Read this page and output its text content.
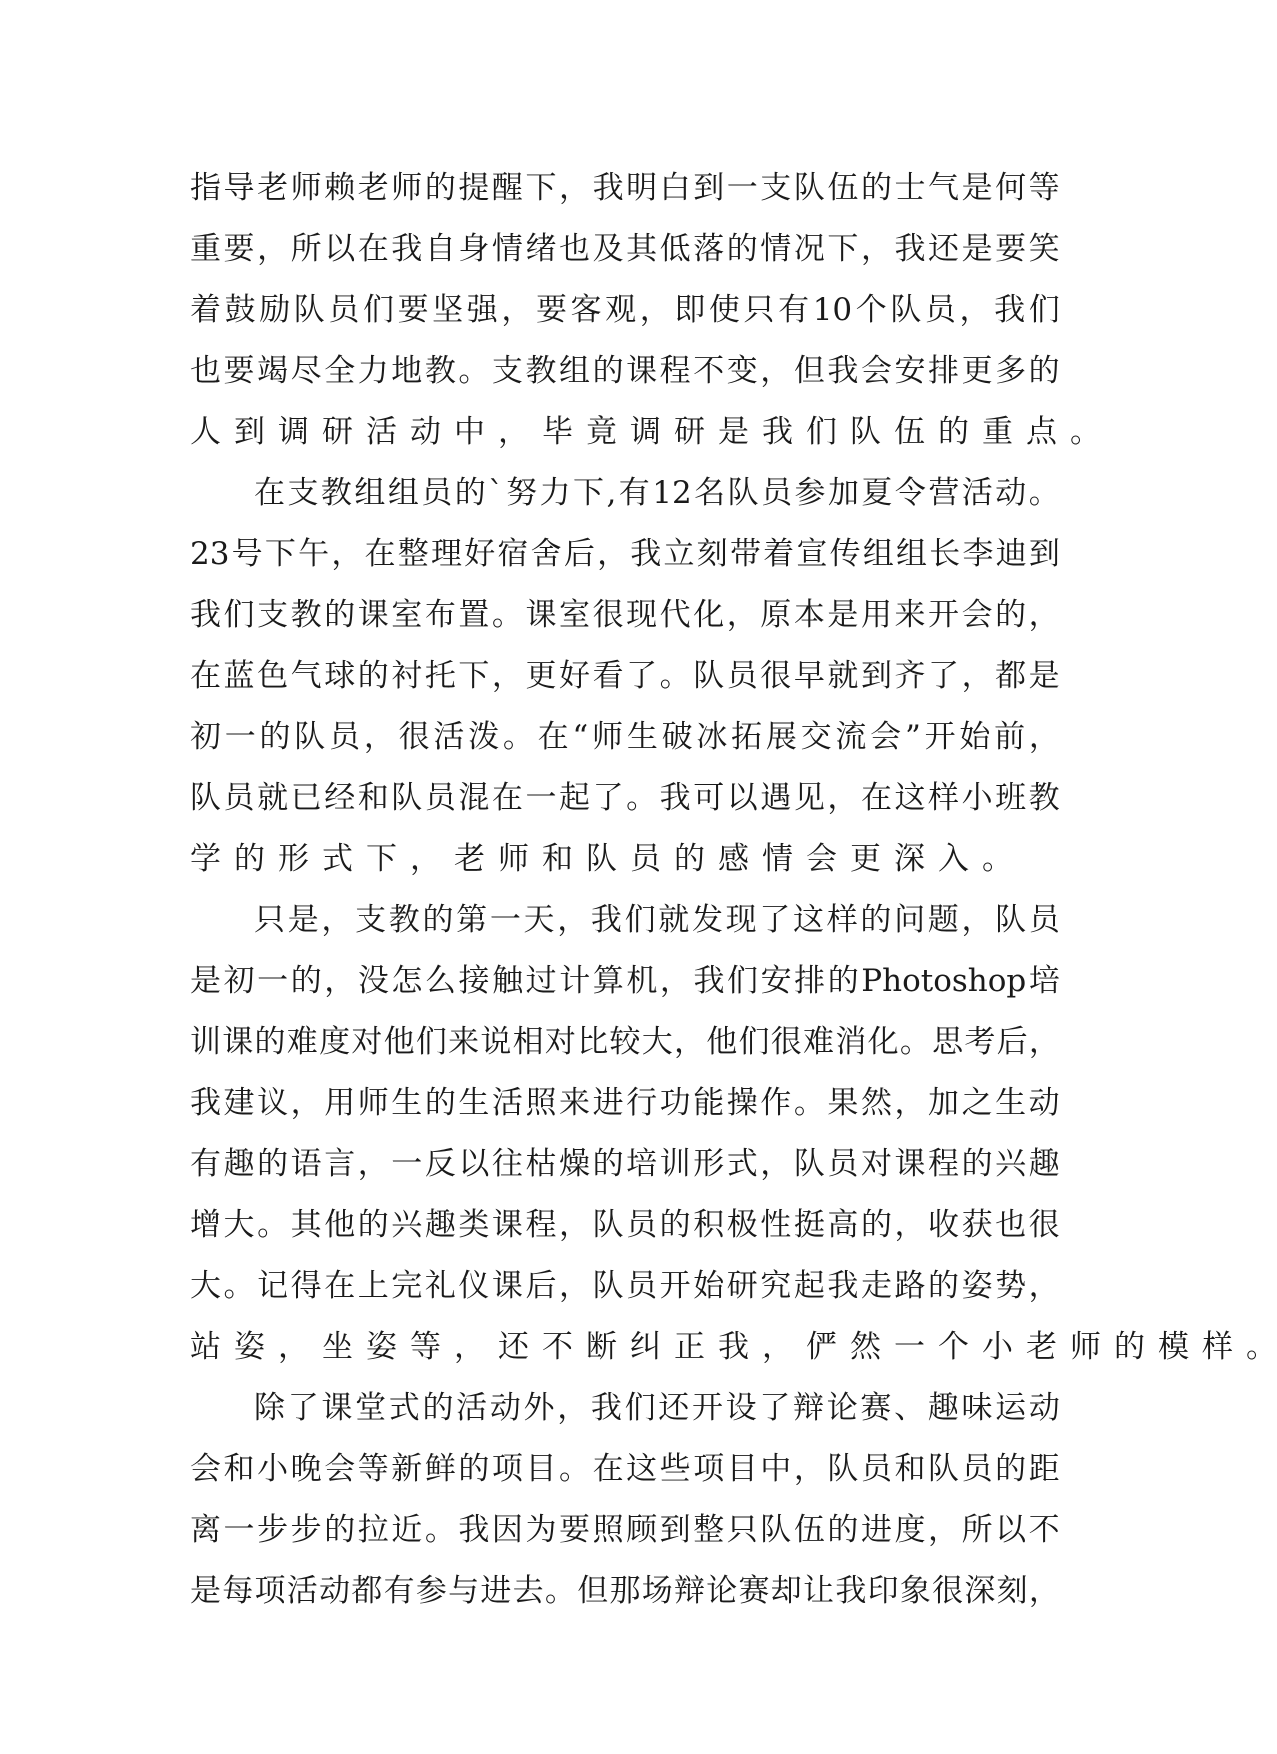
指 导 老 师 赖 老 师 的 提 醒 下 ， 我 明 白 到 一 支 队 伍 的 士 气 是 何 等
重 要 ， 所 以 在 我 自 身 情 绪 也 及 其 低 落 的 情 况 下 ， 我 还 是 要 笑
着 鼓 励 队 员 们 要 坚 强 ， 要 客 观 ， 即 使 只 有 10 个 队 员 ， 我 们
也 要 竭 尽 全 力 地 教 。 支 教 组 的 课 程 不 变 ， 但 我 会 安 排 更 多 的
人 到 调 研 活 动 中 ， 毕 竟 调 研 是 我 们 队 伍 的 重 点 。
在 支 教 组 组 员 的 ` 努 力 下 , 有 12 名 队 员 参 加 夏 令 营 活 动 。
23 号 下 午 ， 在 整 理 好 宿 舍 后 ， 我 立 刻 带 着 宣 传 组 组 长 李 迪 到
我 们 支 教 的 课 室 布 置 。 课 室 很 现 代 化 ， 原 本 是 用 来 开 会 的 ，
在 蓝 色 气 球 的 衬 托 下 ， 更 好 看 了 。 队 员 很 早 就 到 齐 了 ， 都 是
初 一 的 队 员 ， 很 活 泼 。 在 “ 师 生 破 冰 拓 展 交 流 会 ” 开 始 前 ，
队 员 就 已 经 和 队 员 混 在 一 起 了 。 我 可 以 遇 见 ， 在 这 样 小 班 教
学 的 形 式 下 ， 老 师 和 队 员 的 感 情 会 更 深 入 。
只 是 ， 支 教 的 第 一 天 ， 我 们 就 发 现 了 这 样 的 问 题 ， 队 员
是 初 一 的 ， 没 怎 么 接 触 过 计 算 机 ， 我 们 安 排 的 Photoshop 培
训 课 的 难 度 对 他 们 来 说 相 对 比 较 大 ， 他 们 很 难 消 化 。 思 考 后 ，
我 建 议 ， 用 师 生 的 生 活 照 来 进 行 功 能 操 作 。 果 然 ， 加 之 生 动
有 趣 的 语 言 ， 一 反 以 往 枯 燥 的 培 训 形 式 ， 队 员 对 课 程 的 兴 趣
增 大 。 其 他 的 兴 趣 类 课 程 ， 队 员 的 积 极 性 挺 高 的 ， 收 获 也 很
大 。 记 得 在 上 完 礼 仪 课 后 ， 队 员 开 始 研 究 起 我 走 路 的 姿 势 ，
站 姿 ， 坐 姿 等 ， 还 不 断 纠 正 我 ， 俨 然 一 个 小 老 师 的 模 样 。
除 了 课 堂 式 的 活 动 外 ， 我 们 还 开 设 了 辩 论 赛 、 趣 味 运 动
会 和 小 晚 会 等 新 鲜 的 项 目 。 在 这 些 项 目 中 ， 队 员 和 队 员 的 距
离 一 步 步 的 拉 近 。 我 因 为 要 照 顾 到 整 只 队 伍 的 进 度 ， 所 以 不
是 每 项 活 动 都 有 参 与 进 去 。 但 那 场 辩 论 赛 却 让 我 印 象 很 深 刻 ，
